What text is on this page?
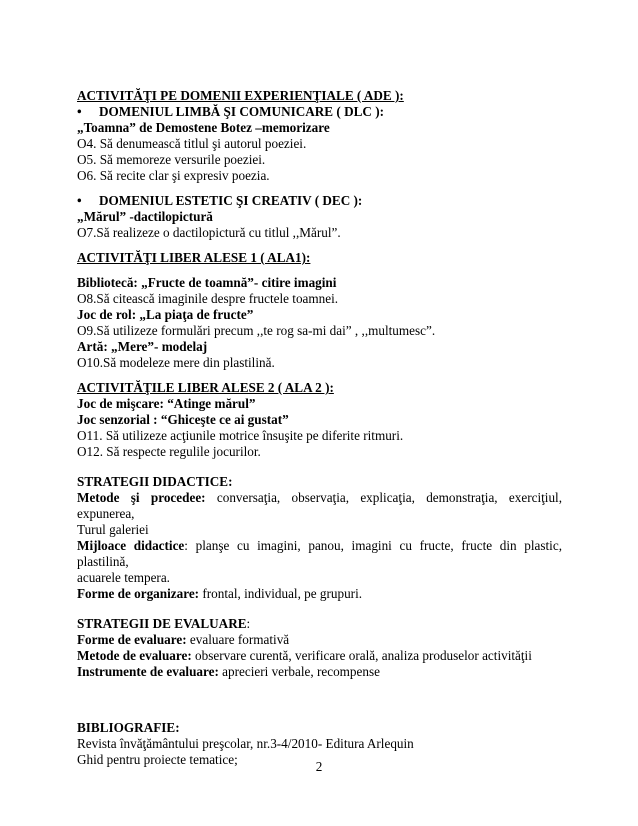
ACTIVITĂŢI PE DOMENII EXPERIENŢIALE ( ADE ):
• DOMENIUL LIMBĂ ŞI COMUNICARE ( DLC ):
„Toamna” de Demostene Botez –memorizare
O4. Să denumească titlul şi autorul poeziei.
O5. Să memoreze versurile poeziei.
O6. Să recite clar şi expresiv poezia.
• DOMENIUL ESTETIC ŞI CREATIV ( DEC ):
„Mărul” -dactilopictură
O7.Să realizeze o dactilopictură cu titlul ,,Mărul”.
ACTIVITĂŢI LIBER ALESE 1 ( ALA1):
Bibliotecă: „Fructe de toamnă”- citire imagini
O8.Să citească imaginile despre fructele toamnei.
Joc de rol: „La piaţa de fructe”
O9.Să utilizeze formulări precum ,,te rog sa-mi dai” , ,,multumesc”.
Artă: „Mere”- modelaj
O10.Să modeleze mere din plastilină.
ACTIVITĂŢILE LIBER ALESE 2 ( ALA 2 ):
Joc de mişcare: “Atinge mărul”
Joc senzorial : “Ghiceşte ce ai gustat”
O11. Să utilizeze acţiunile motrice însuşite pe diferite ritmuri.
O12. Să respecte regulile jocurilor.
STRATEGII DIDACTICE:
Metode şi procedee: conversaţia, observaţia, explicaţia, demonstraţia, exerciţiul, expunerea,
Turul galeriei
Mijloace didactice: planşe cu imagini, panou, imagini cu fructe, fructe din plastic, plastilină,
acuarele tempera.
Forme de organizare: frontal, individual, pe grupuri.
STRATEGII DE EVALUARE:
Forme de evaluare: evaluare formativă
Metode de evaluare: observare curentă, verificare orală, analiza produselor activităţii
Instrumente de evaluare: aprecieri verbale, recompense
BIBLIOGRAFIE:
Revista învăţământului preşcolar, nr.3-4/2010- Editura Arlequin
Ghid pentru proiecte tematice;	2
